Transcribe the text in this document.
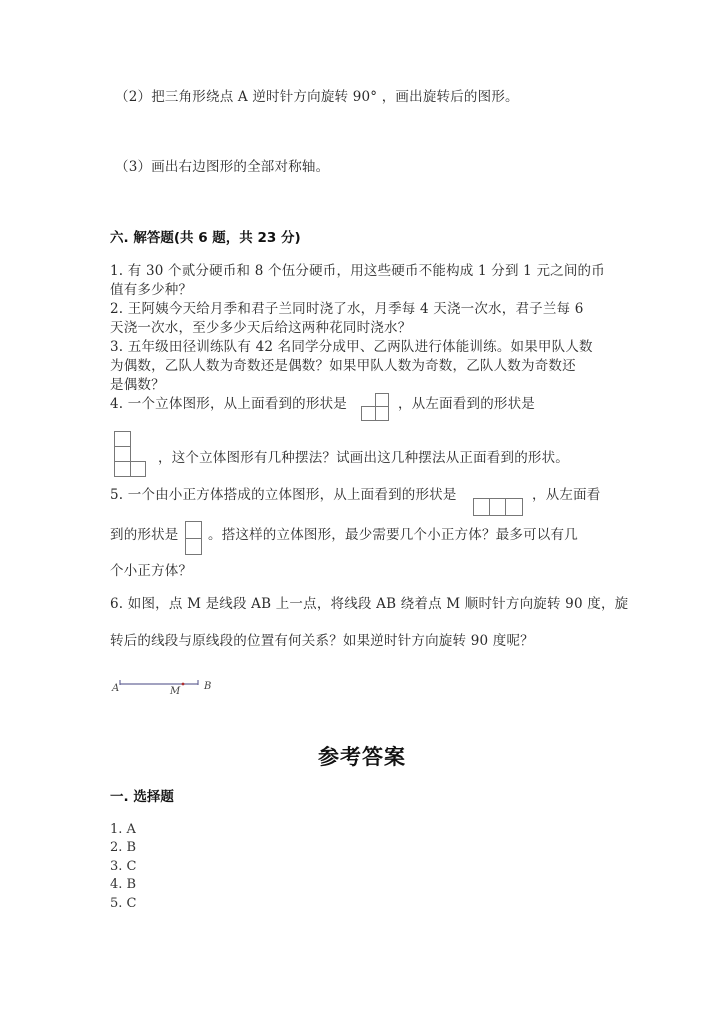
（2）把三角形绕点 A 逆时针方向旋转 90° ，画出旋转后的图形。
（3）画出右边图形的全部对称轴。
六. 解答题(共 6 题，共 23 分)
1. 有 30 个贰分硬币和 8 个伍分硬币，用这些硬币不能构成 1 分到 1 元之间的币
值有多少种？
2. 王阿姨今天给月季和君子兰同时浇了水，月季每 4 天浇一次水，君子兰每 6
天浇一次水，至少多少天后给这两种花同时浇水？
3. 五年级田径训练队有 42 名同学分成甲、乙两队进行体能训练。如果甲队人数
为偶数，乙队人数为奇数还是偶数？如果甲队人数为奇数，乙队人数为奇数还
是偶数？
4. 一个立体图形，从上面看到的形状是	，从左面看到的形状是
，这个立体图形有几种摆法？试画出这几种摆法从正面看到的形状。
5. 一个由小正方体搭成的立体图形，从上面看到的形状是	，从左面看
到的形状是 。搭这样的立体图形，最少需要几个小正方体？最多可以有几
个小正方体？
6. 如图，点 M 是线段 AB 上一点，将线段 AB 绕着点 M 顺时针方向旋转 90 度，旋
转后的线段与原线段的位置有何关系？如果逆时针方向旋转 90 度呢？
A	M B
参考答案
一. 选择题
1. A
2. B
3. C
4. B
5. C
